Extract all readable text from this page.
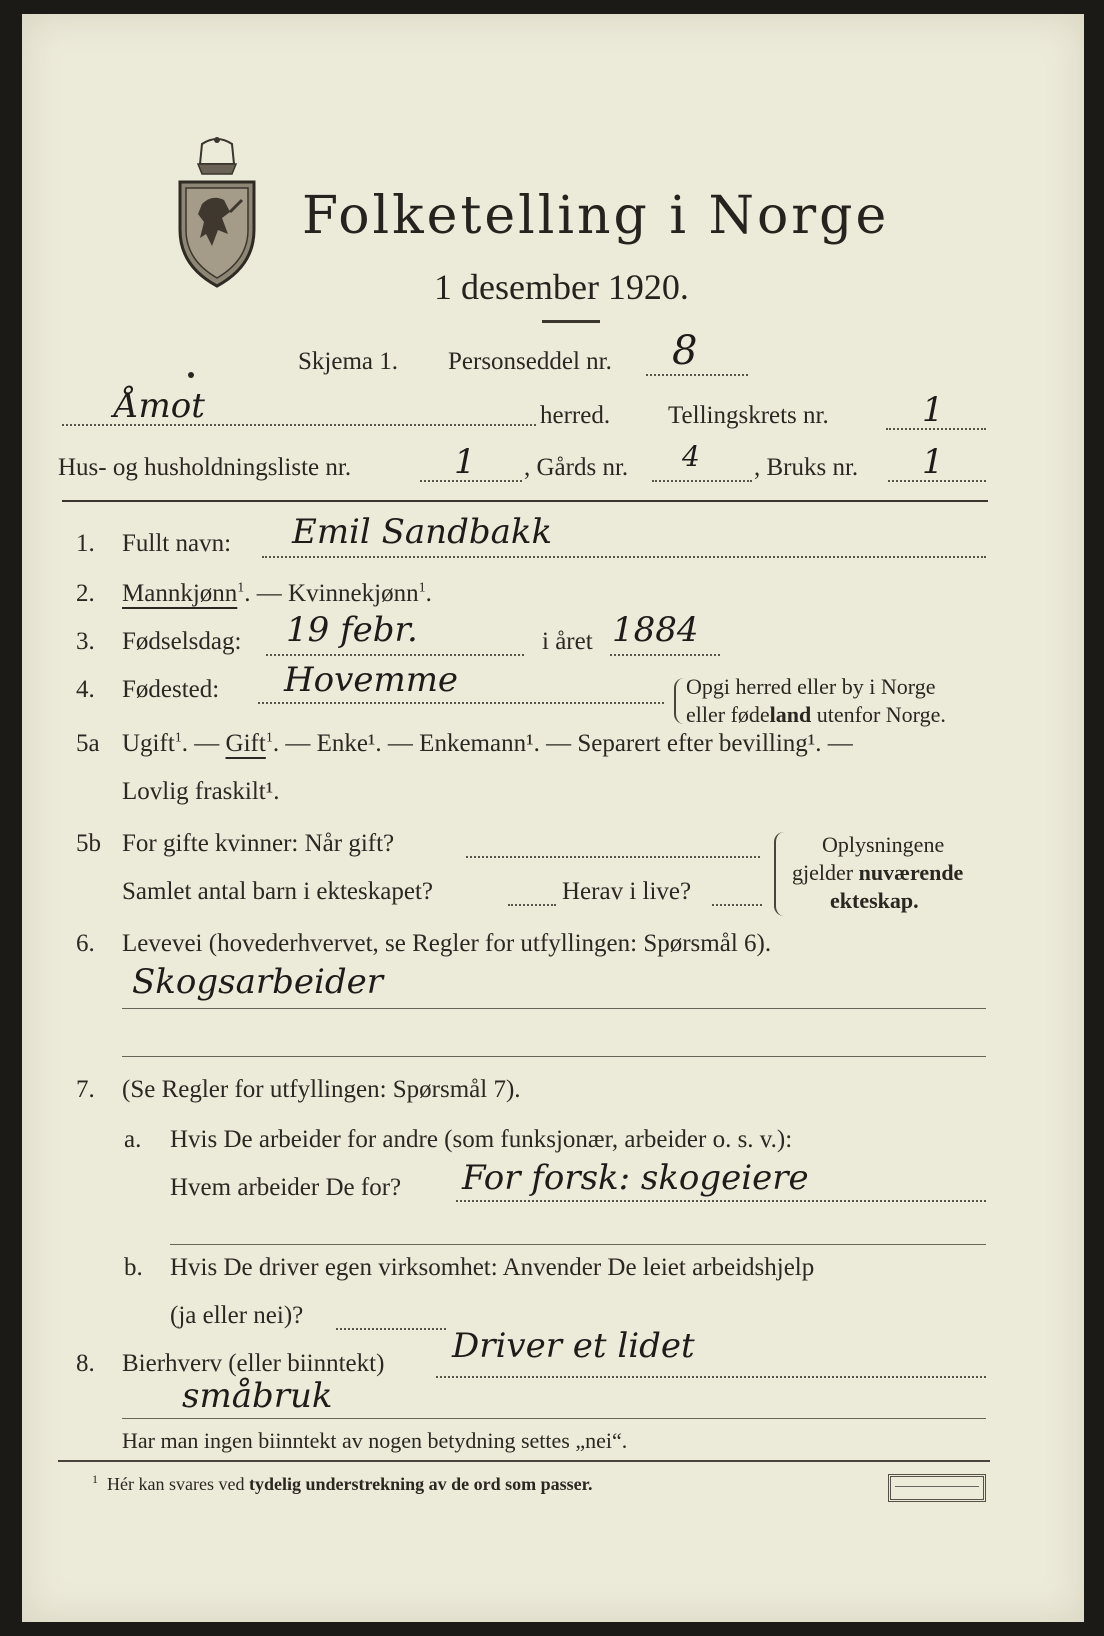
Folketelling i Norge
1 desember 1920.
Skjema 1. Personseddel nr. 8
Åmot	herred. Tellingskrets nr.	1
Hus- og husholdningsliste nr.	1 , Gårds nr. 4 , Bruks nr. 1
1. Fullt navn: Emil Sandbakk
2. Mannkjønn$^1$. — Kvinnekjønn$^1$.
3. Fødselsdag: 19 febr.	i året 1884
4. Fødested: Hovemme	Opgi herred eller by i Norge
eller fødeland utenfor Norge.
5a Ugift$^1$. — Gift$^1$. — Enke¹. — Enkemann¹. — Separert efter bevilling¹. —
Lovlig fraskilt¹.
5b For gifte kvinner: Når gift?
Samlet antal barn i ekteskapet?	Herav i live?
Oplysningene
gjelder nuværende
ekteskap.
6. Levevei (hovederhvervet, se Regler for utfyllingen: Spørsmål 6).
Skogsarbeider
7. (Se Regler for utfyllingen: Spørsmål 7).
a. Hvis De arbeider for andre (som funksjonær, arbeider o. s. v.):
Hvem arbeider De for? For forsk: skogeiere
b. Hvis De driver egen virksomhet: Anvender De leiet arbeidshjelp
(ja eller nei)?
8. Bierhverv (eller biinntekt) Driver et lidet
småbruk
Har man ingen biinntekt av nogen betydning settes „nei“.
$^1$ Hér kan svares ved tydelig understrekning av de ord som passer.
